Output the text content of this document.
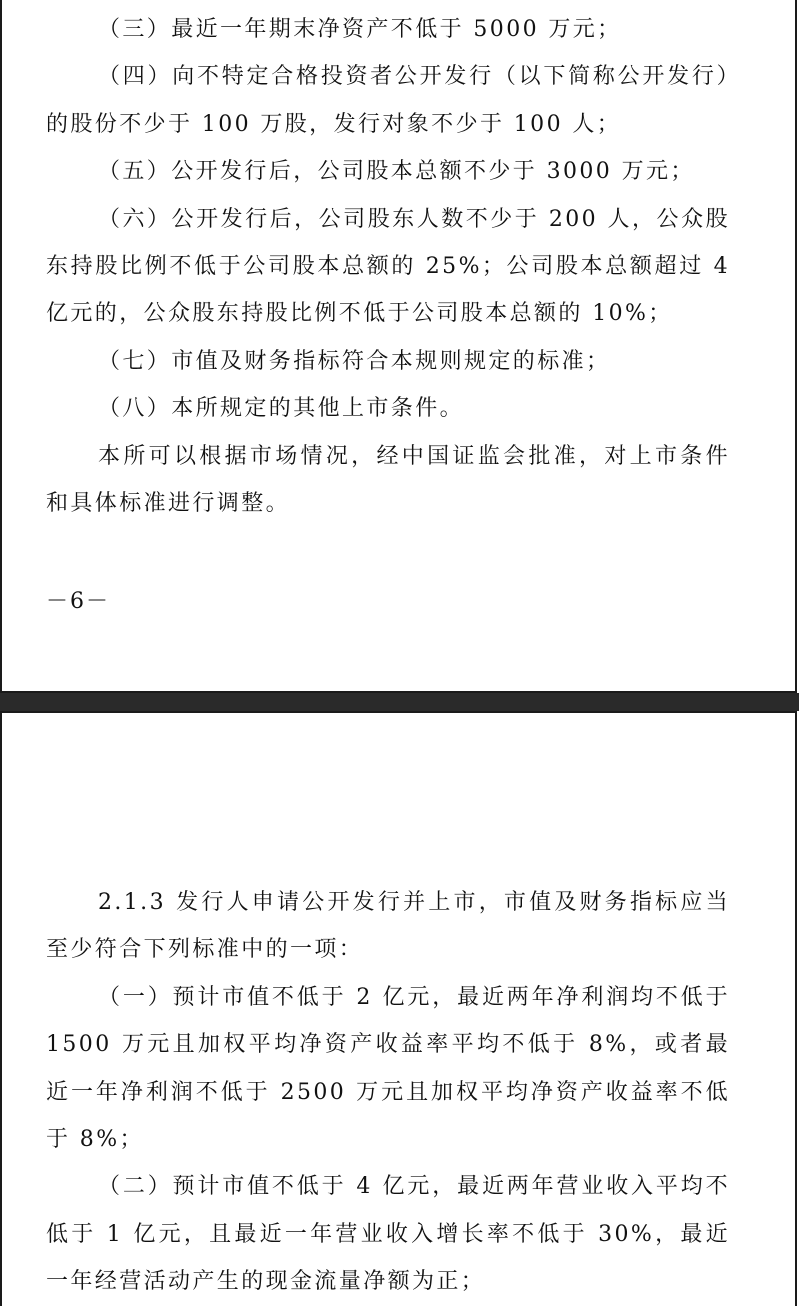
（三）最近一年期末净资产不低于 5000 万元；

（四）向不特定合格投资者公开发行（以下简称公开发行）的股份不少于 100 万股，发行对象不少于 100 人；

（五）公开发行后，公司股本总额不少于 3000 万元；

（六）公开发行后，公司股东人数不少于 200 人，公众股东持股比例不低于公司股本总额的 25%；公司股本总额超过 4 亿元的，公众股东持股比例不低于公司股本总额的 10%；

（七）市值及财务指标符合本规则规定的标准；

（八）本所规定的其他上市条件。

本所可以根据市场情况，经中国证监会批准，对上市条件和具体标准进行调整。

－6－

2.1.3 发行人申请公开发行并上市，市值及财务指标应当至少符合下列标准中的一项：

（一）预计市值不低于 2 亿元，最近两年净利润均不低于 1500 万元且加权平均净资产收益率平均不低于 8%，或者最近一年净利润不低于 2500 万元且加权平均净资产收益率不低于 8%；

（二）预计市值不低于 4 亿元，最近两年营业收入平均不低于 1 亿元，且最近一年营业收入增长率不低于 30%，最近一年经营活动产生的现金流量净额为正；
